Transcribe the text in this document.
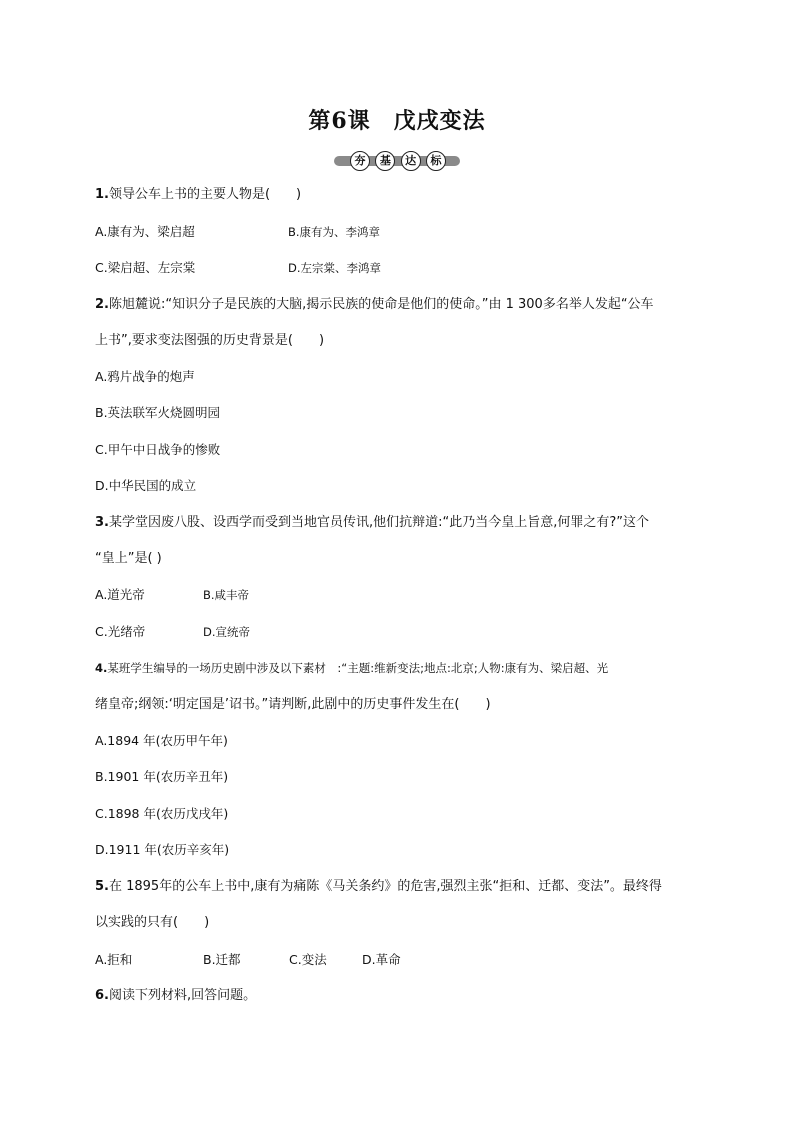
第6课　戊戌变法
夯	基	达	标
1.领导公车上书的主要人物是(　　)
A.康有为、梁启超	B.康有为、李鸿章
C.梁启超、左宗棠	D.左宗棠、李鸿章
2.陈旭麓说:“知识分子是民族的大脑,揭示民族的使命是他们的使命。”由 1 300多名举人发起“公车
上书”,要求变法图强的历史背景是(　　)
A.鸦片战争的炮声
B.英法联军火烧圆明园
C.甲午中日战争的惨败
D.中华民国的成立
3.某学堂因废八股、设西学而受到当地官员传讯,他们抗辩道:“此乃当今皇上旨意,何罪之有?”这个
“皇上”是( )
A.道光帝	B.咸丰帝
C.光绪帝	D.宣统帝
4.某班学生编导的一场历史剧中涉及以下素材　:“主题:维新变法;地点:北京;人物:康有为、梁启超、光
绪皇帝;纲领:‘明定国是’诏书。”请判断,此剧中的历史事件发生在(　　)
A.1894 年(农历甲午年)
B.1901 年(农历辛丑年)
C.1898 年(农历戊戌年)
D.1911 年(农历辛亥年)
5.在 1895年的公车上书中,康有为痛陈《马关条约》的危害,强烈主张“拒和、迁都、变法”。最终得
以实践的只有(　　)
A.拒和	B.迁都	C.变法	D.革命
6.阅读下列材料,回答问题。
